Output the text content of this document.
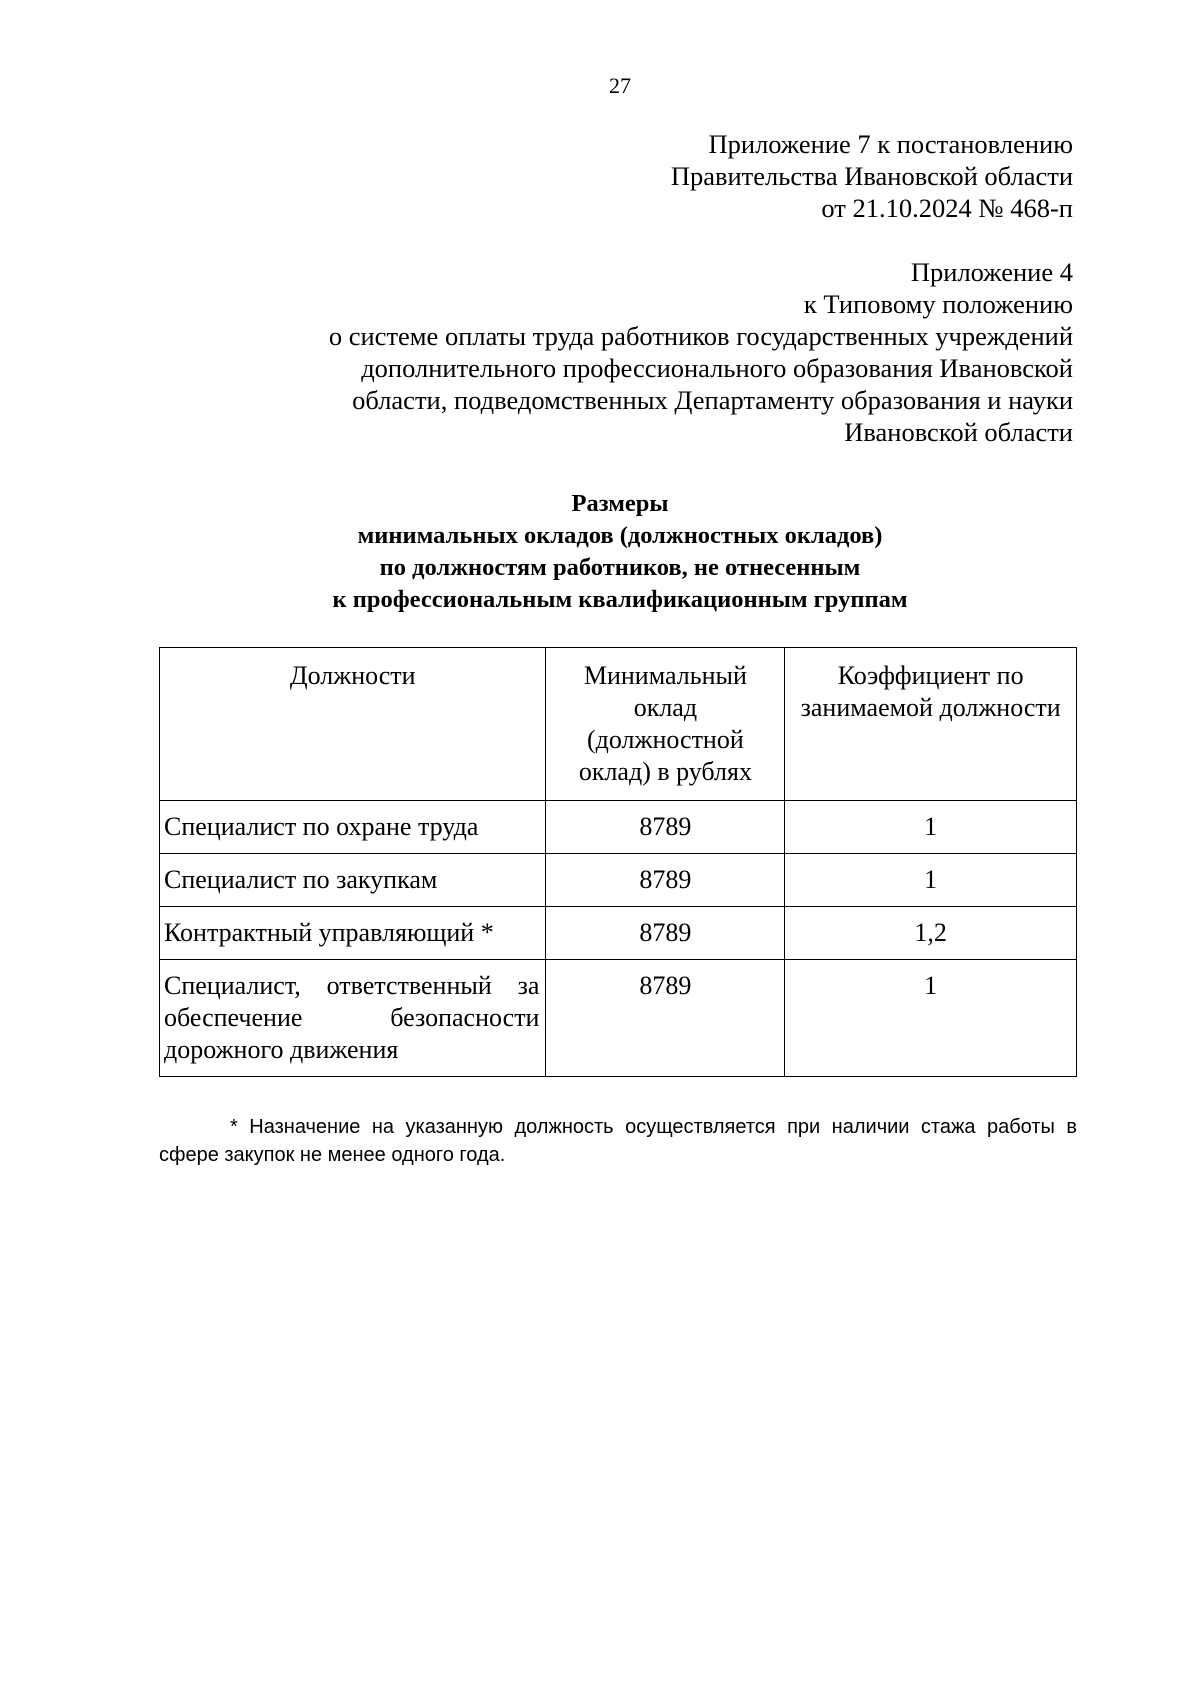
27
Приложение 7 к постановлению
Правительства Ивановской области
от 21.10.2024 № 468-п
Приложение 4
к Типовому положению
о системе оплаты труда работников государственных учреждений
дополнительного профессионального образования Ивановской
области, подведомственных Департаменту образования и науки
Ивановской области
Размеры
минимальных окладов (должностных окладов)
по должностям работников, не отнесенным
к профессиональным квалификационным группам
Должности	Минимальный оклад (должностной оклад) в рублях	Коэффициент по занимаемой должности
Специалист по охране труда	8789	1
Специалист по закупкам	8789	1
Контрактный управляющий *	8789	1,2
Специалист, ответственный за обеспечение безопасности дорожного движения	8789	1
* Назначение на указанную должность осуществляется при наличии стажа работы в сфере закупок не менее одного года.
